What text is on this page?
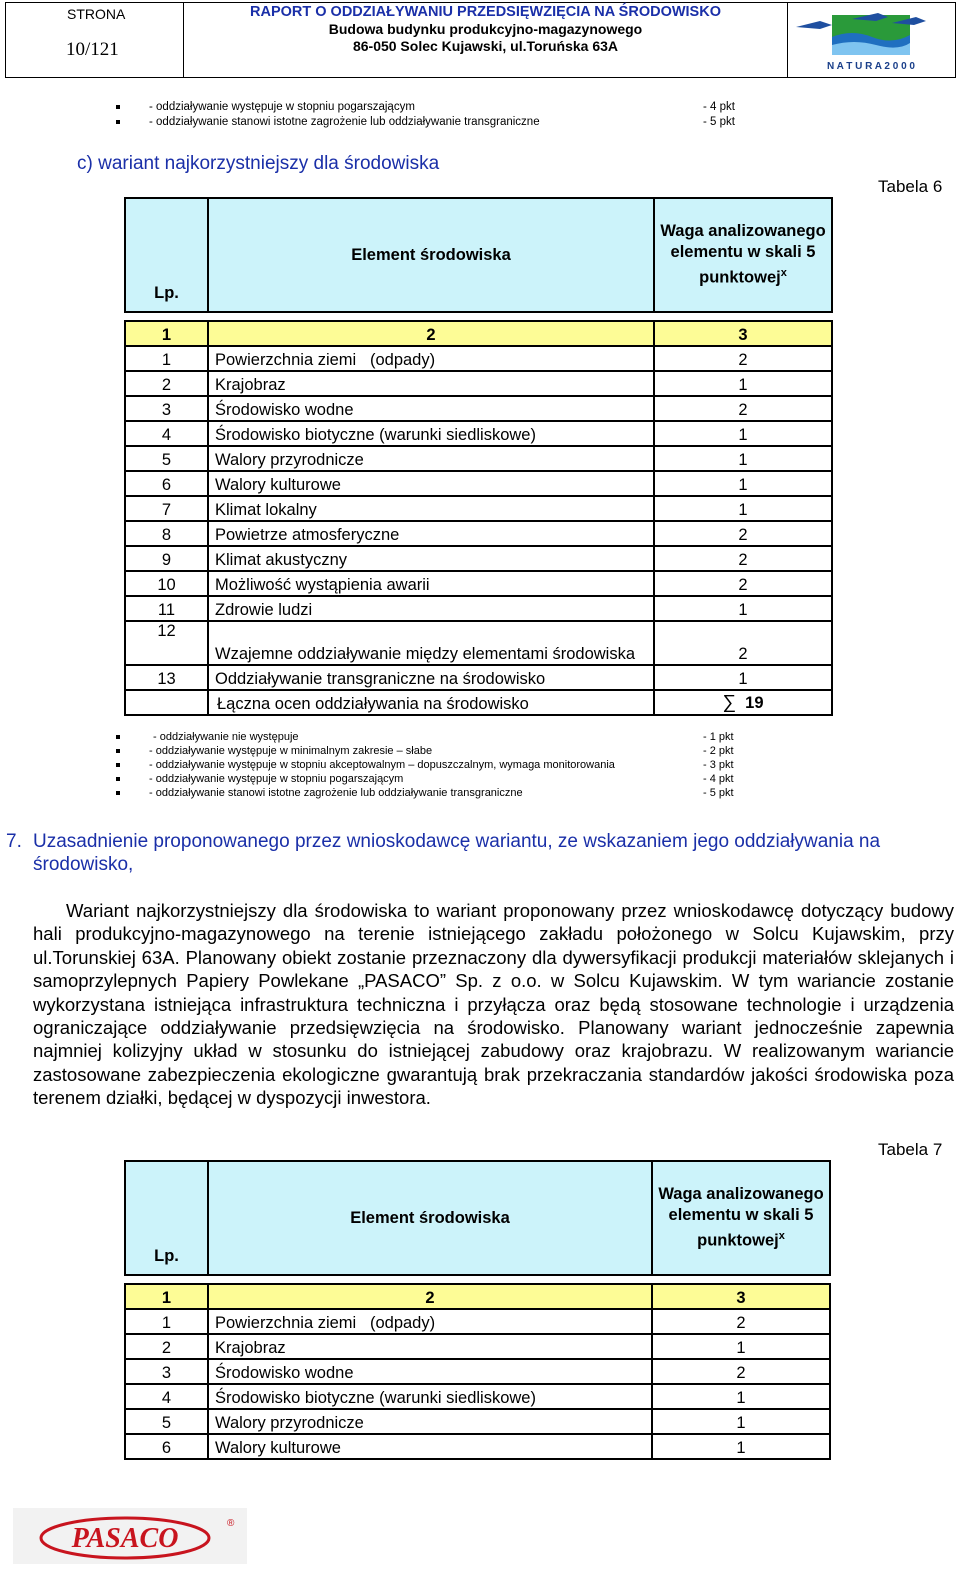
STRONA
10/121
RAPORT O ODDZIAŁYWANIU PRZEDSIĘWZIĘCIA NA ŚRODOWISKO
Budowa budynku produkcyjno-magazynowego
86-050 Solec Kujawski, ul.Toruńska 63A
N A T U R A 2 0 0 0
- oddziaływanie występuje w stopniu pogarszającym	- 4 pkt
- oddziaływanie stanowi istotne zagrożenie lub oddziaływanie transgraniczne	- 5 pkt
c) wariant najkorzystniejszy dla środowiska
Tabela 6
Lp.	Element środowiska	Waga analizowanego elementu w skali 5 punktowej$^x$

1	2	3
1	Powierzchnia ziemi   (odpady)	2
2	Krajobraz	1
3	Środowisko wodne	2
4	Środowisko biotyczne (warunki siedliskowe)	1
5	Walory przyrodnicze	1
6	Walory kulturowe	1
7	Klimat lokalny	1
8	Powietrze atmosferyczne	2
9	Klimat akustyczny	2
10	Możliwość wystąpienia awarii	2
11	Zdrowie ludzi	1
12	Wzajemne oddziaływanie między elementami środowiska	2
13	Oddziaływanie transgraniczne na środowisko	1
	Łączna ocen oddziaływania na środowisko	∑ 19
- oddziaływanie nie występuje	- 1 pkt
- oddziaływanie występuje w minimalnym zakresie – słabe	- 2 pkt
- oddziaływanie występuje w stopniu akceptowalnym – dopuszczalnym, wymaga monitorowania	- 3 pkt
- oddziaływanie występuje w stopniu pogarszającym	- 4 pkt
- oddziaływanie stanowi istotne zagrożenie lub oddziaływanie transgraniczne	- 5 pkt
7. Uzasadnienie proponowanego przez wnioskodawcę wariantu, ze wskazaniem jego oddziaływania na środowisko,

Wariant najkorzystniejszy dla środowiska to wariant proponowany przez wnioskodawcę dotyczący budowy hali produkcyjno-magazynowego na terenie istniejącego zakładu położonego w Solcu Kujawskim, przy ul.Torunskiej 63A. Planowany obiekt zostanie przeznaczony dla dywersyfikacji produkcji materiałów sklejanych i samoprzylepnych Papiery Powlekane „PASACO” Sp. z o.o. w Solcu Kujawskim. W tym wariancie zostanie wykorzystana istniejąca infrastruktura techniczna i przyłącza oraz będą stosowane technologie i urządzenia ograniczające oddziaływanie przedsięwzięcia na środowisko. Planowany wariant jednocześnie zapewnia najmniej kolizyjny układ w stosunku do istniejącej zabudowy oraz krajobrazu. W realizowanym wariancie zastosowane zabezpieczenia ekologiczne gwarantują brak przekraczania standardów jakości środowiska poza terenem działki, będącej w dyspozycji inwestora.

Tabela 7
Lp.	Element środowiska	Waga analizowanego elementu w skali 5 punktowej$^x$

1	2	3
1	Powierzchnia ziemi   (odpady)	2
2	Krajobraz	1
3	Środowisko wodne	2
4	Środowisko biotyczne (warunki siedliskowe)	1
5	Walory przyrodnicze	1
6	Walory kulturowe	1
PASACO	®
